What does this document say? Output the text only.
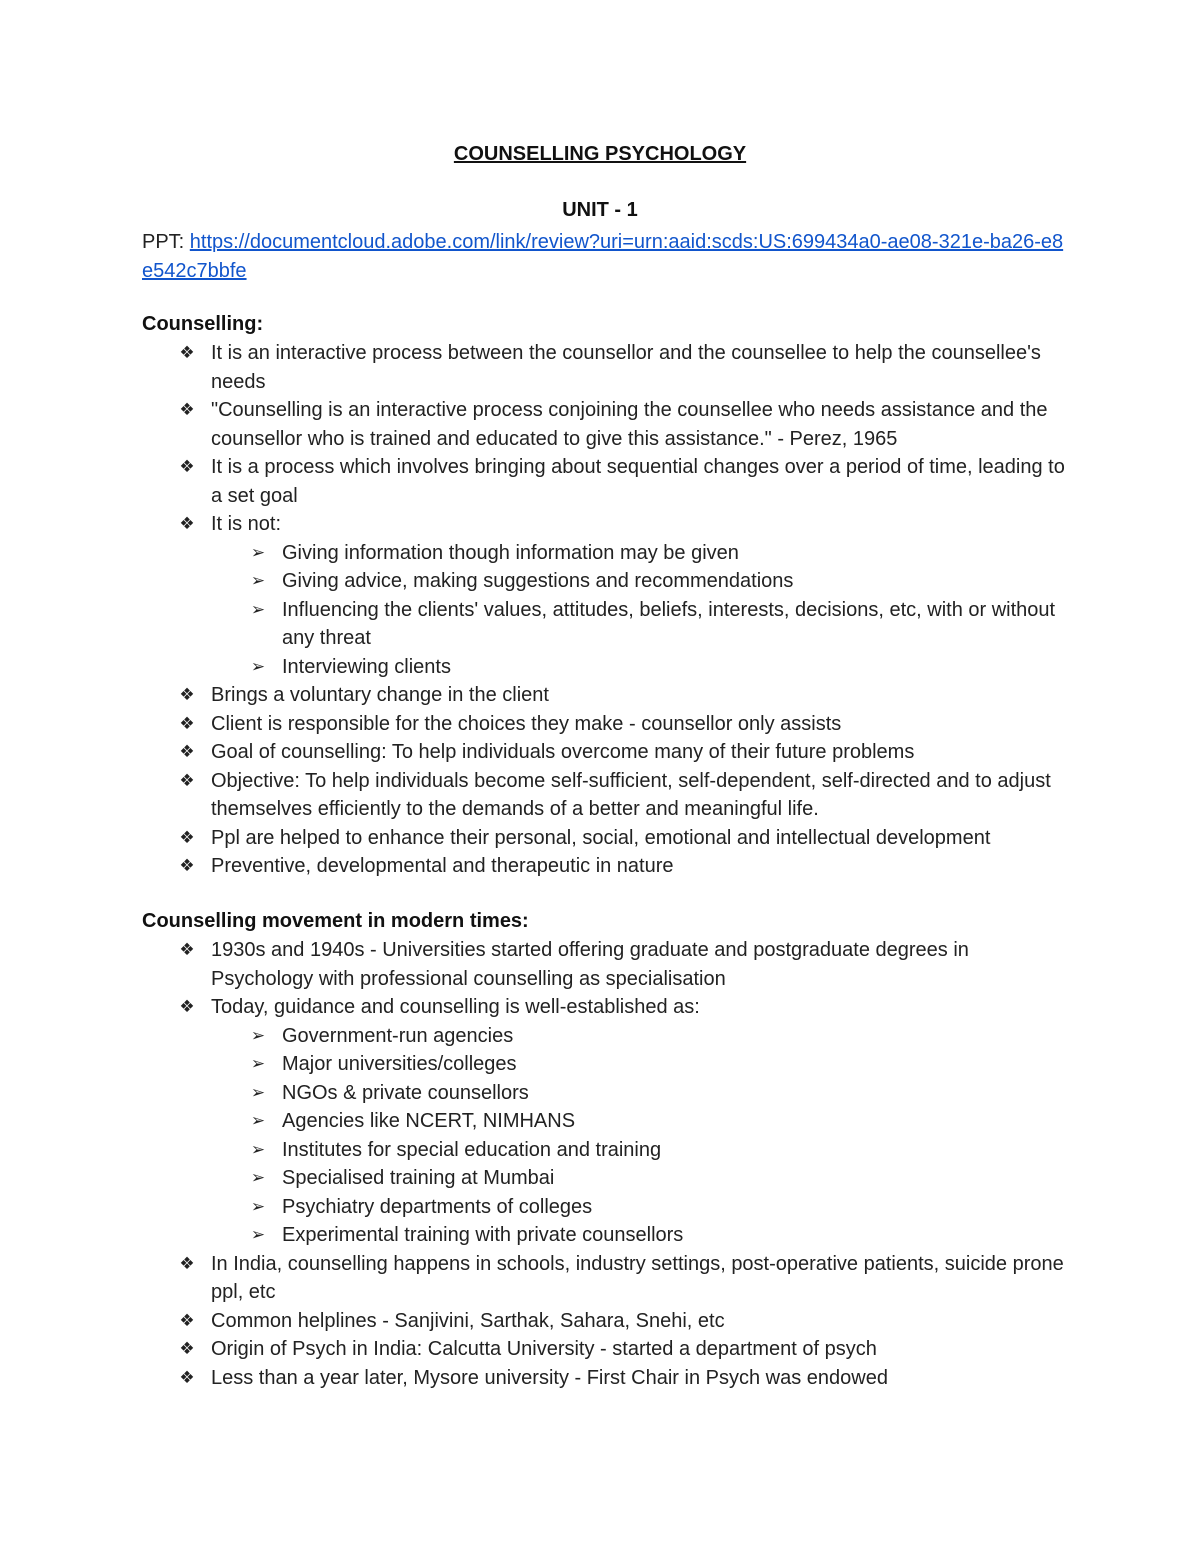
COUNSELLING PSYCHOLOGY
UNIT - 1
PPT: https://documentcloud.adobe.com/link/review?uri=urn:aaid:scds:US:699434a0-ae08-321e-ba26-e8e542c7bbfe
Counselling:
❖ It is an interactive process between the counsellor and the counsellee to help the counsellee's needs
❖ "Counselling is an interactive process conjoining the counsellee who needs assistance and the counsellor who is trained and educated to give this assistance." - Perez, 1965
❖ It is a process which involves bringing about sequential changes over a period of time, leading to a set goal
❖ It is not:
➢ Giving information though information may be given
➢ Giving advice, making suggestions and recommendations
➢ Influencing the clients' values, attitudes, beliefs, interests, decisions, etc, with or without any threat
➢ Interviewing clients
❖ Brings a voluntary change in the client
❖ Client is responsible for the choices they make - counsellor only assists
❖ Goal of counselling: To help individuals overcome many of their future problems
❖ Objective: To help individuals become self-sufficient, self-dependent, self-directed and to adjust themselves efficiently to the demands of a better and meaningful life.
❖ Ppl are helped to enhance their personal, social, emotional and intellectual development
❖ Preventive, developmental and therapeutic in nature
Counselling movement in modern times:
❖ 1930s and 1940s - Universities started offering graduate and postgraduate degrees in Psychology with professional counselling as specialisation
❖ Today, guidance and counselling is well-established as:
➢ Government-run agencies
➢ Major universities/colleges
➢ NGOs & private counsellors
➢ Agencies like NCERT, NIMHANS
➢ Institutes for special education and training
➢ Specialised training at Mumbai
➢ Psychiatry departments of colleges
➢ Experimental training with private counsellors
❖ In India, counselling happens in schools, industry settings, post-operative patients, suicide prone ppl, etc
❖ Common helplines - Sanjivini, Sarthak, Sahara, Snehi, etc
❖ Origin of Psych in India: Calcutta University - started a department of psych
❖ Less than a year later, Mysore university - First Chair in Psych was endowed
